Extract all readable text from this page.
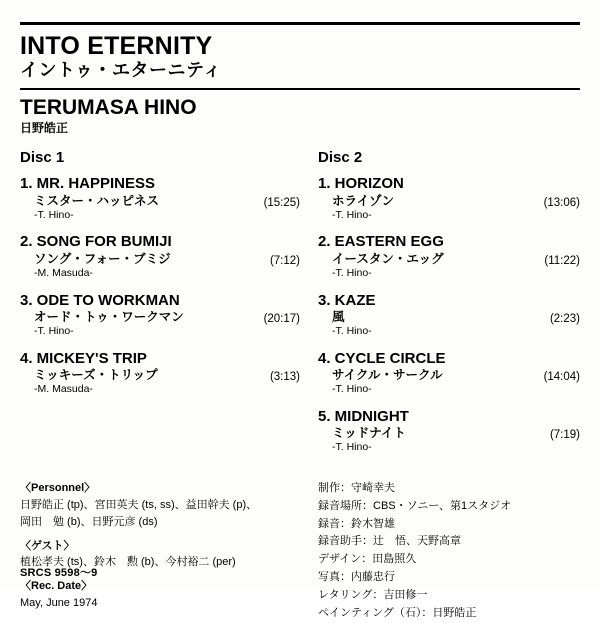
INTO ETERNITY
イントゥ・エターニティ
TERUMASA HINO
日野皓正
Disc 1
1. MR. HAPPINESS
ミスター・ハッピネス	(15:25)
-T. Hino-
2. SONG FOR BUMIJI
ソング・フォー・ブミジ	(7:12)
-M. Masuda-
3. ODE TO WORKMAN
オード・トゥ・ワークマン	(20:17)
-T. Hino-
4. MICKEY'S TRIP
ミッキーズ・トリップ	(3:13)
-M. Masuda-
Disc 2
1. HORIZON
ホライゾン	(13:06)
-T. Hino-
2. EASTERN EGG
イースタン・エッグ	(11:22)
-T. Hino-
3. KAZE
風	(2:23)
-T. Hino-
4. CYCLE CIRCLE
サイクル・サークル	(14:04)
-T. Hino-
5. MIDNIGHT
ミッドナイト	(7:19)
-T. Hino-
〈Personnel〉
日野皓正 (tp)、宮田英夫 (ts, ss)、益田幹夫 (p)、
岡田　勉 (b)、日野元彦 (ds)
〈ゲスト〉
植松孝夫 (ts)、鈴木　勲 (b)、今村裕二 (per)
〈Rec. Date〉
May, June 1974
制作：守崎幸夫
録音場所：CBS・ソニー、第1スタジオ
録音：鈴木智雄
録音助手：辻　悟、天野高章
デザイン：田島照久
写真：内藤忠行
レタリング：吉田修一
ペインティング（石）：日野皓正
SRCS 9598〜9
